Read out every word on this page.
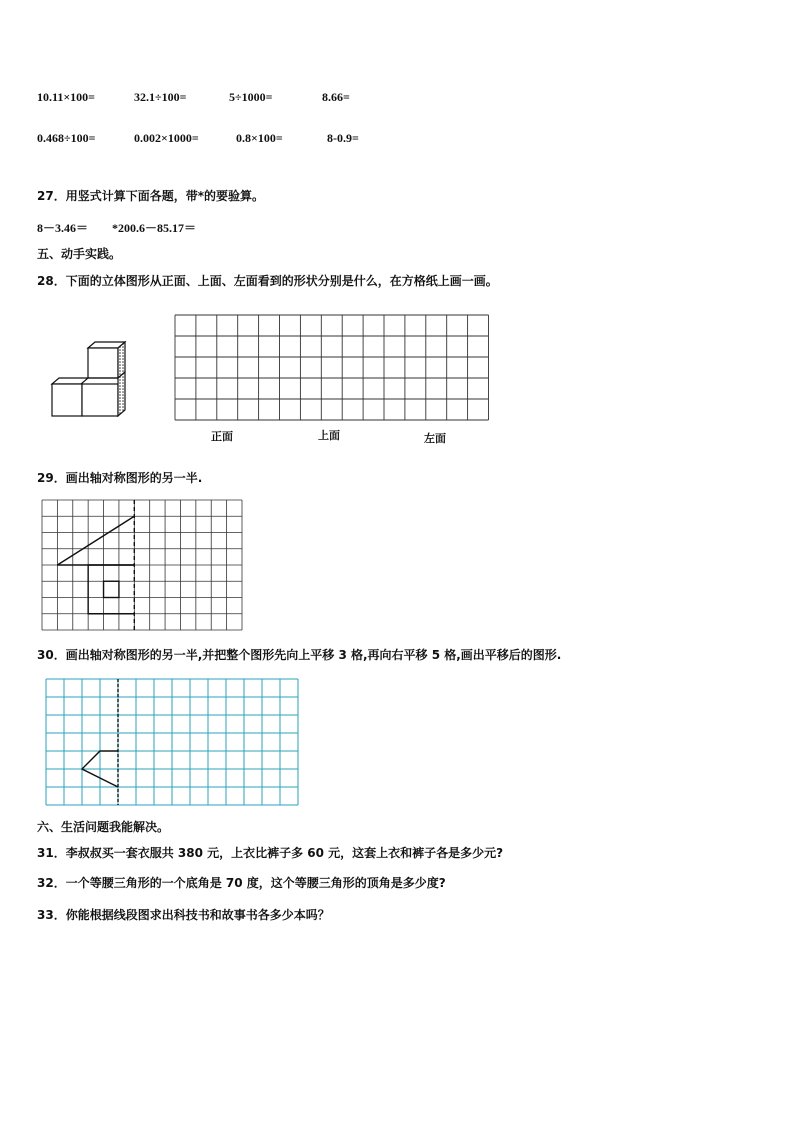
10.11×100=	32.1÷100=	5÷1000=	8.66=
0.468÷100=	0.002×1000=	0.8×100=	8-0.9=
27．用竖式计算下面各题，带*的要验算。
8－3.46＝　　*200.6－85.17＝
五、动手实践。
28．下面的立体图形从正面、上面、左面看到的形状分别是什么，在方格纸上画一画。
正面	上面	左面
29．画出轴对称图形的另一半.
30．画出轴对称图形的另一半,并把整个图形先向上平移 3 格,再向右平移 5 格,画出平移后的图形.
六、生活问题我能解决。
31．李叔叔买一套衣服共 380 元，上衣比裤子多 60 元，这套上衣和裤子各是多少元?
32．一个等腰三角形的一个底角是 70 度，这个等腰三角形的顶角是多少度?
33．你能根据线段图求出科技书和故事书各多少本吗？
